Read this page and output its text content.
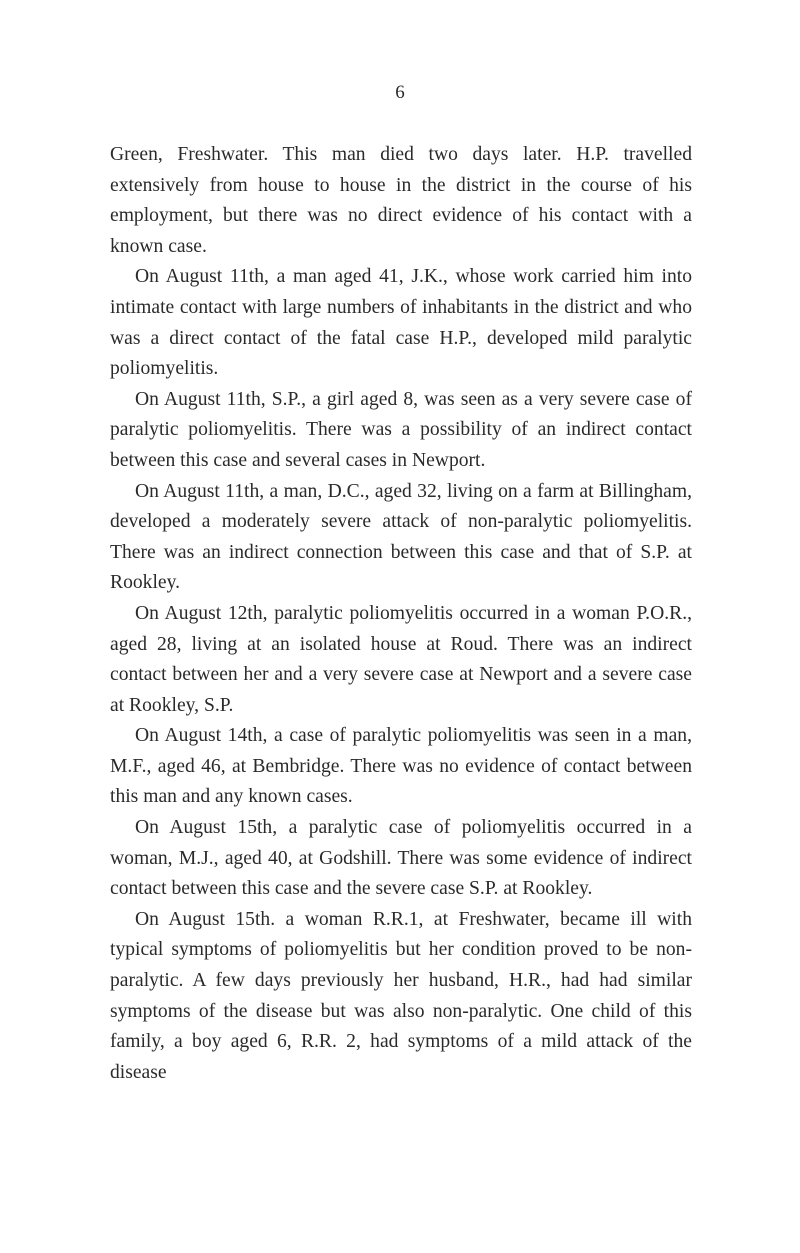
6

Green, Freshwater. This man died two days later. H.P. travelled extensively from house to house in the district in the course of his employment, but there was no direct evidence of his contact with a known case.

On August 11th, a man aged 41, J.K., whose work carried him into intimate contact with large numbers of inhabitants in the district and who was a direct contact of the fatal case H.P., developed mild paralytic poliomyelitis.

On August 11th, S.P., a girl aged 8, was seen as a very severe case of paralytic poliomyelitis. There was a possibility of an indirect contact between this case and several cases in Newport.

On August 11th, a man, D.C., aged 32, living on a farm at Billingham, developed a moderately severe attack of non-paralytic poliomyelitis. There was an indirect connection between this case and that of S.P. at Rookley.

On August 12th, paralytic poliomyelitis occurred in a woman P.O.R., aged 28, living at an isolated house at Roud. There was an indirect contact between her and a very severe case at Newport and a severe case at Rookley, S.P.

On August 14th, a case of paralytic poliomyelitis was seen in a man, M.F., aged 46, at Bembridge. There was no evidence of contact between this man and any known cases.

On August 15th, a paralytic case of poliomyelitis occurred in a woman, M.J., aged 40, at Godshill. There was some evidence of indirect contact between this case and the severe case S.P. at Rookley.

On August 15th. a woman R.R.1, at Freshwater, became ill with typical symptoms of poliomyelitis but her condition proved to be non-paralytic. A few days previously her husband, H.R., had had similar symptoms of the disease but was also non-paralytic. One child of this family, a boy aged 6, R.R. 2, had symptoms of a mild attack of the disease
